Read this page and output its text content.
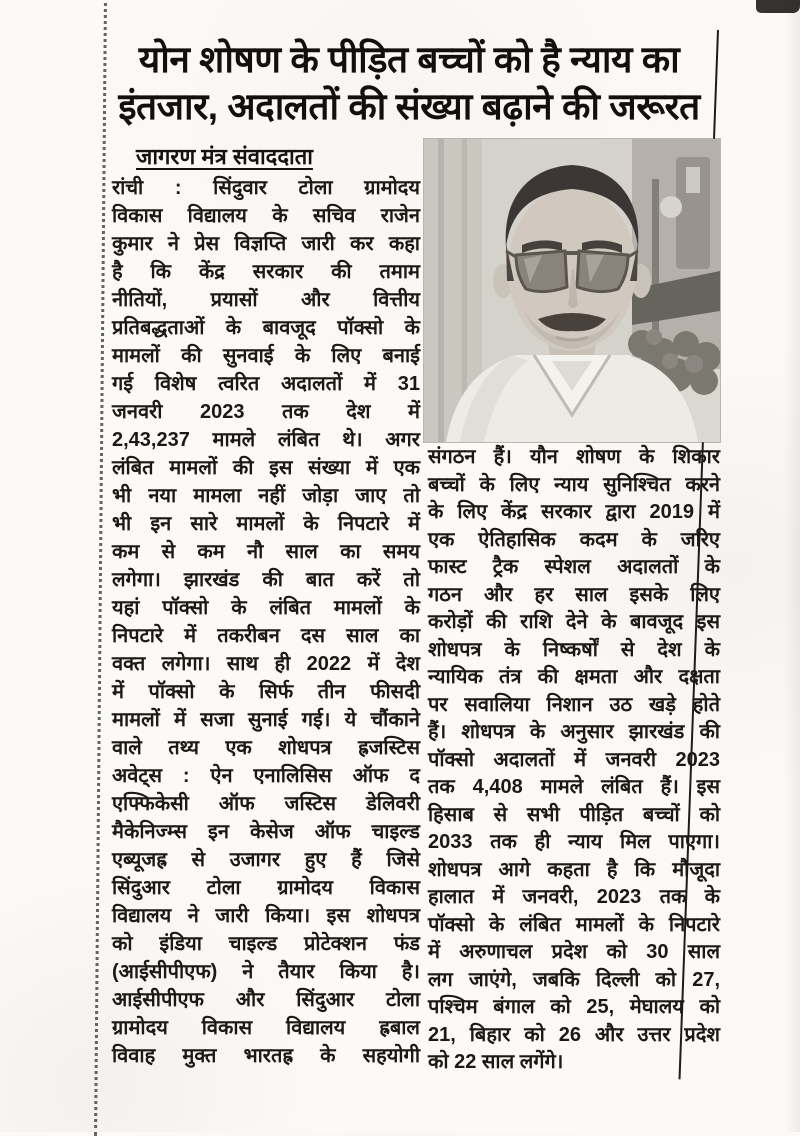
योन शोषण के पीड़ित बच्चों को है न्याय का
इंतजार, अदालतों की संख्या बढ़ाने की जरूरत
जागरण मंत्र संवाददाता
रांची : सिंदुवार टोला ग्रामोदय
विकास विद्यालय के सचिव राजेन
कुमार ने प्रेस विज्ञप्ति जारी कर कहा
है कि केंद्र सरकार की तमाम
नीतियों, प्रयासों और वित्तीय
प्रतिबद्धताओं के बावजूद पॉक्सो के
मामलों की सुनवाई के लिए बनाई
गई विशेष त्वरित अदालतों में 31
जनवरी 2023 तक देश में
2,43,237 मामले लंबित थे। अगर
लंबित मामलों की इस संख्या में एक
भी नया मामला नहीं जोड़ा जाए तो
भी इन सारे मामलों के निपटारे में
कम से कम नौ साल का समय
लगेगा। झारखंड की बात करें तो
यहां पॉक्सो के लंबित मामलों के
निपटारे में तकरीबन दस साल का
वक्त लगेगा। साथ ही 2022 में देश
में पॉक्सो के सिर्फ तीन फीसदी
मामलों में सजा सुनाई गई। ये चौंकाने
वाले तथ्य एक शोधपत्र ह्रजस्टिस
अवेट्स : ऐन एनालिसिस ऑफ द
एफ्फिकेसी ऑफ जस्टिस डेलिवरी
मैकेनिज्म्स इन केसेज ऑफ चाइल्ड
एब्यूजह्र से उजागर हुए हैं जिसे
सिंदुआर टोला ग्रामोदय विकास
विद्यालय ने जारी किया। इस शोधपत्र
को इंडिया चाइल्ड प्रोटेक्शन फंड
(आईसीपीएफ) ने तैयार किया है।
आईसीपीएफ और सिंदुआर टोला
ग्रामोदय विकास विद्यालय ह्रबाल
विवाह मुक्त भारतह्र के सहयोगी
संगठन हैं। यौन शोषण के शिकार
बच्चों के लिए न्याय सुनिश्चित करने
के लिए केंद्र सरकार द्वारा 2019 में
एक ऐतिहासिक कदम के जरिए
फास्ट ट्रैक स्पेशल अदालतों के
गठन और हर साल इसके लिए
करोड़ों की राशि देने के बावजूद इस
शोधपत्र के निष्कर्षों से देश के
न्यायिक तंत्र की क्षमता और दक्षता
पर सवालिया निशान उठ खड़े होते
हैं। शोधपत्र के अनुसार झारखंड की
पॉक्सो अदालतों में जनवरी 2023
तक 4,408 मामले लंबित हैं। इस
हिसाब से सभी पीड़ित बच्चों को
2033 तक ही न्याय मिल पाएगा।
शोधपत्र आगे कहता है कि मौजूदा
हालात में जनवरी, 2023 तक के
पॉक्सो के लंबित मामलों के निपटारे
में अरुणाचल प्रदेश को 30 साल
लग जाएंगे, जबकि दिल्ली को 27,
पश्चिम बंगाल को 25, मेघालय को
21, बिहार को 26 और उत्तर प्रदेश
को 22 साल लगेंगे।
